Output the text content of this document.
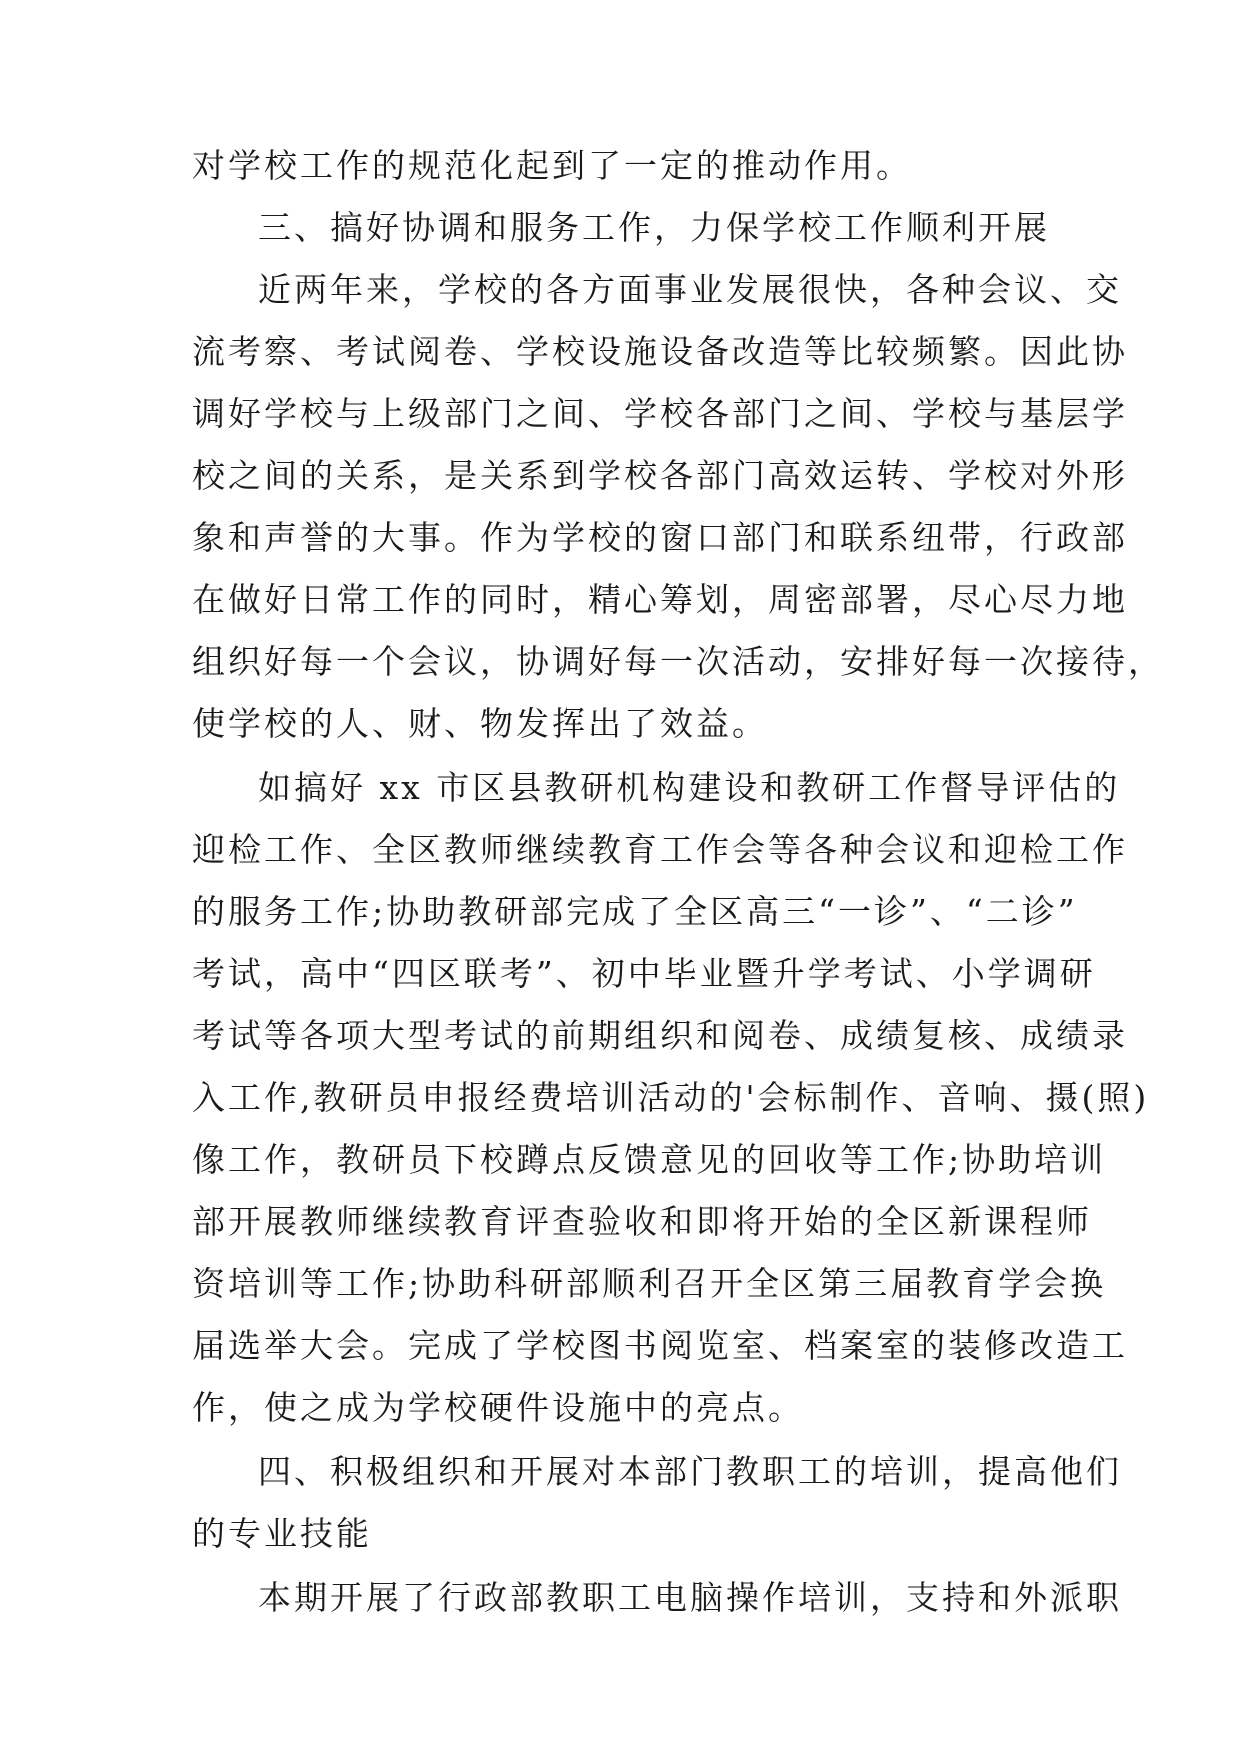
对学校工作的规范化起到了一定的推动作用。
三、搞好协调和服务工作，力保学校工作顺利开展
近两年来，学校的各方面事业发展很快，各种会议、交
流考察、考试阅卷、学校设施设备改造等比较频繁。因此协
调好学校与上级部门之间、学校各部门之间、学校与基层学
校之间的关系，是关系到学校各部门高效运转、学校对外形
象和声誉的大事。作为学校的窗口部门和联系纽带，行政部
在做好日常工作的同时，精心筹划，周密部署，尽心尽力地
组织好每一个会议，协调好每一次活动，安排好每一次接待，
使学校的人、财、物发挥出了效益。
如搞好 xx 市区县教研机构建设和教研工作督导评估的
迎检工作、全区教师继续教育工作会等各种会议和迎检工作
的服务工作;协助教研部完成了全区高三“一诊”、“二诊”
考试，高中“四区联考”、初中毕业暨升学考试、小学调研
考试等各项大型考试的前期组织和阅卷、成绩复核、成绩录
入工作,教研员申报经费培训活动的'会标制作、音响、摄(照)
像工作，教研员下校蹲点反馈意见的回收等工作;协助培训
部开展教师继续教育评查验收和即将开始的全区新课程师
资培训等工作;协助科研部顺利召开全区第三届教育学会换
届选举大会。完成了学校图书阅览室、档案室的装修改造工
作，使之成为学校硬件设施中的亮点。
四、积极组织和开展对本部门教职工的培训，提高他们
的专业技能
本期开展了行政部教职工电脑操作培训，支持和外派职
